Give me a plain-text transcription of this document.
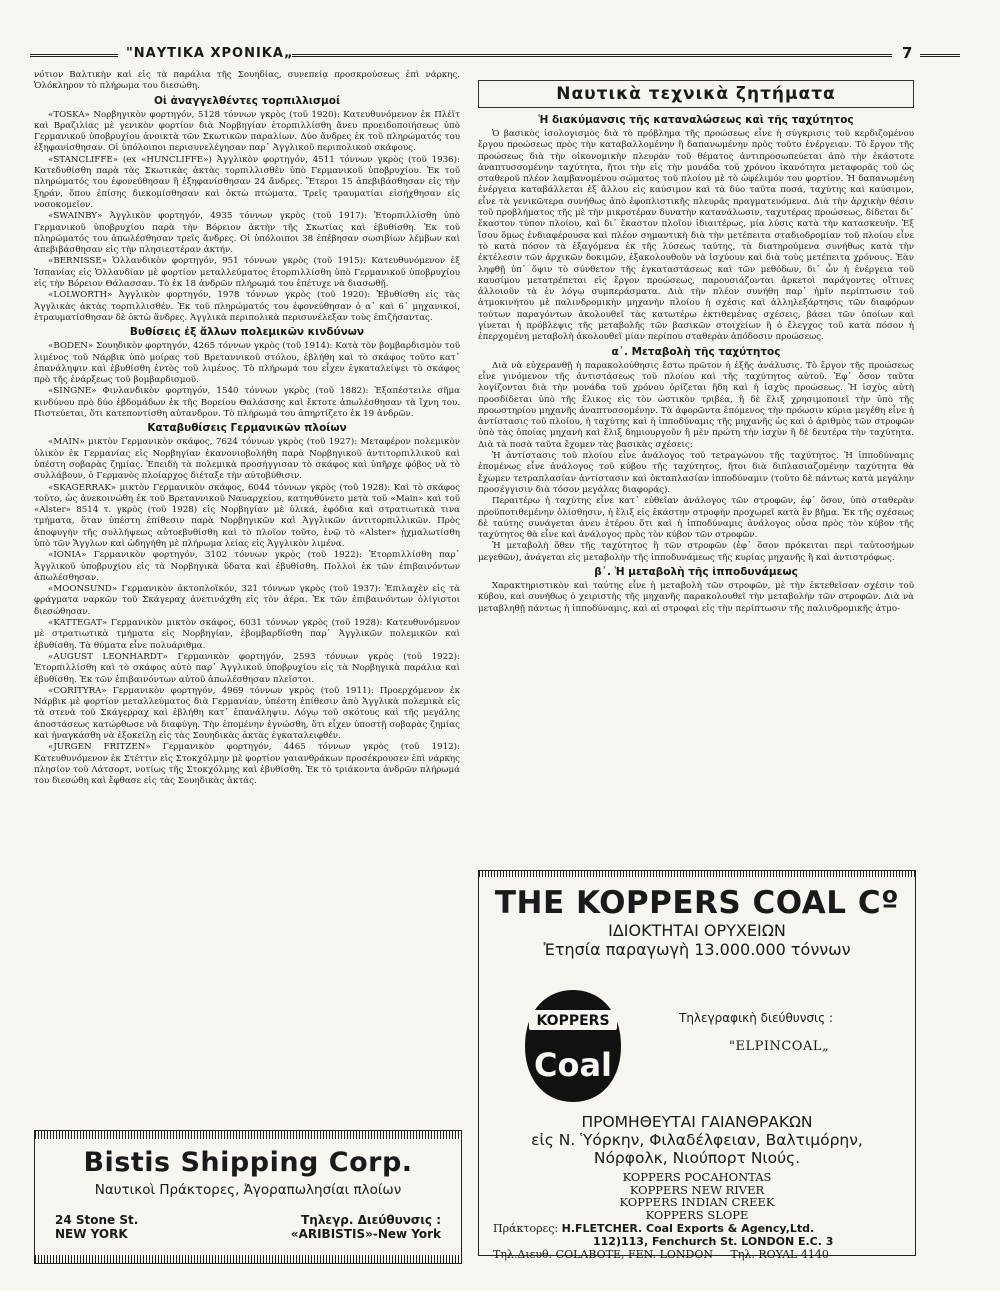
"ΝΑΥΤΙΚΑ ΧΡΟΝΙΚΑ„	7

νότιον Βαλτικὴν καὶ εἰς τὰ παράλια τῆς Σουηδίας, συνεπείᾳ προσκρούσεως ἐπὶ νάρκης. Ὁλόκληρον τὸ πλήρωμα του διεσώθη.

Οἱ ἀναγγελθέντες τορπιλλισμοί

«TOSKA» Νορβηγικὸν φορτηγόν, 5128 τόννων γκρὸς (τοῦ 1920): Κατευθυνόμενον ἐκ Πλέϊτ καὶ Βραζιλίας μὲ γενικὸν φορτίον διὰ Νορβηγίαν ἐτορπιλλίσθη ἄνευ προειδοποιήσεως ὑπὸ Γερμανικοῦ ὑποβρυχίου ἀνοικτὰ τῶν Σκωτικῶν παραλίων. Δύο ἄνδρες ἐκ τοῦ πληρώματός του ἐξηφανίσθησαν. Οἱ ὑπόλοιποι περισυνελέγησαν παρ᾽ Ἀγγλικοῦ περιπολικοῦ σκάφους.

«STANCLIFFE» (ex «HUNCLIFFE») Ἀγγλικὸν φορτηγόν, 4511 τόννων γκρὸς (τοῦ 1936): Κατεδυθίσθη παρὰ τὰς Σκωτικὰς ἀκτὰς τορπιλλισθὲν ὑπὸ Γερμανικοῦ ὑποβρυχίου. Ἐκ τοῦ πληρώματός του ἐφονεύθησαν ἢ ἐξηφανίσθησαν 24 ἄνδρες. Ἕτεροι 15 ἀπεβιβάσθησαν εἰς τὴν ξηράν, ὅπου ἐπίσης διεκομίσθησαν καὶ ὀκτὼ πτώματα. Τρεῖς τραυματίαι εἰσήχθησαν εἰς νοσοκομεῖον.

«SWAINBY» Ἀγγλικὸν φορτηγόν, 4935 τόννων γκρὸς (τοῦ 1917): Ἐτορπιλλίσθη ὑπὸ Γερμανικοῦ ὑποβρυχίου παρὰ τὴν Βόρειον ἀκτὴν τῆς Σκωτίας καὶ ἐβυθίσθη. Ἐκ τοῦ πληρώματός του ἀπωλέσθησαν τρεῖς ἄνδρες. Οἱ ὑπόλοιποι 38 ἐπέβησαν σωσιβίων λέμβων καὶ ἀπεβιβάσθησαν εἰς τὴν πλησιεστέραν ἀκτήν.

«BERNISSE» Ὁλλανδικὸν φορτηγόν, 951 τόννων γκρὸς (τοῦ 1915): Κατευθυνόμενον ἐξ Ἱσπανίας εἰς Ὁλλανδίαν μὲ φορτίον μεταλλεύματος ἐτορπιλλίσθη ὑπὸ Γερμανικοῦ ὑποβρυχίου εἰς τὴν Βόρειον Θάλασσαν. Τὸ ἐκ 18 ἀνδρῶν πλήρωμά του ἐπέτυχε νὰ διασωθῇ.

«LOLWORTH» Ἀγγλικὸν φορτηγόν, 1978 τόννων γκρὸς (τοῦ 1920): Ἐβυθίσθη εἰς τὰς Ἀγγλικὰς ἀκτὰς τορπιλλισθέν. Ἐκ τοῦ πληρώματός του ἐφονεύθησαν ὁ α᾽ καὶ 6᾽ μηχανικοί, ἐτραυματίσθησαν δὲ ὀκτὼ ἄνδρες. Ἀγγλικὰ περιπολικὰ περισυνέλεξαν τοὺς ἐπιζήσαντας.

Βυθίσεις ἐξ ἄλλων πολεμικῶν κινδύνων

«BODEN» Σουηδικὸν φορτηγόν, 4265 τόννων γκρὸς (τοῦ 1914): Κατὰ τὸν βομβαρδισμὸν τοῦ λιμένος τοῦ Νάρβικ ὑπὸ μοίρας τοῦ Βρεταννικοῦ στόλου, ἐβλήθη καὶ τὸ σκάφος τοῦτο κατ᾽ ἐπανάληψιν καὶ ἐβυθίσθη ἐντὸς τοῦ λιμένος. Τὸ πλήρωμά του εἶχεν ἐγκαταλείψει τὸ σκάφος πρὸ τῆς ἐνάρξεως τοῦ βομβαρδισμοῦ.

«SINGNE» Φινλανδικὸν φορτηγόν, 1540 τόννων γκρὸς (τοῦ 1882): Ἐξαπέστειλε σῆμα κινδύνου πρὸ δύο ἑβδομάδων ἐκ τῆς Βορείου Θαλάσσης καὶ ἔκτοτε ἀπωλέσθησαν τὰ ἴχνη του. Πιστεύεται, ὅτι κατεποντίσθη αὐτανδρον. Τὸ πλήρωμά του ἀπηρτίζετο ἐκ 19 ἀνδρῶν.

Καταβυθίσεις Γερμανικῶν πλοίων

«MAIN» μικτὸν Γερμανικὸν σκάφος, 7624 τόννων γκρὸς (τοῦ 1927): Μεταφέρον πολεμικὸν ὑλικὸν ἐκ Γερμανίας εἰς Νορβηγίαν ἐκανονιοβολήθη παρὰ Νορβηγικοῦ ἀντιτορπιλλικοῦ καὶ ὑπέστη σοβαρὰς ζημίας. Ἐπειδὴ τὰ πολεμικὰ προσήγγισαν τὸ σκάφος καὶ ὑπῆρχε φόβος νὰ τὸ συλλάβουν, ὁ Γερμανὸς πλοίαρχος διέταξε τὴν αὐτοβύθισιν.

«SKAGERRAK» μικτὸν Γερμανικὸν σκάφος, 6044 τόννων γκρὸς (τοῦ 1928): Καὶ τὸ σκάφος τοῦτο, ὡς ἀνεκοινώθη ἐκ τοῦ Βρεταννικοῦ Ναυαρχείου, κατηυθύνετο μετὰ τοῦ «Main» καὶ τοῦ «Alster» 8514 τ. γκρὸς (τοῦ 1928) εἰς Νορβηγίαν μὲ ὑλικά, ἐφόδια καὶ στρατιωτικὰ τινα τμήματα, ὅταν ὑπέστη ἐπίθεσιν παρὰ Νορβηγικῶν καὶ Ἀγγλικῶν ἀντιτορπιλλικῶν. Πρὸς ἀποφυγὴν τῆς συλλήψεως αὐτοεβυθίσθη καὶ τὸ πλοῖον τοῦτο, ἐνῷ τὸ «Alster» ᾐχμαλωτίσθη ὑπὸ τῶν Ἄγγλων καὶ ὡδηγήθη μὲ πλήρωμα λείας εἰς Ἀγγλικὸν λιμένα.

«IONIA» Γερμανικὸν φορτηγόν, 3102 τόννων γκρὸς (τοῦ 1922): Ἐτορπιλλίσθη παρ᾽ Ἀγγλικοῦ ὑποβρυχίου εἰς τὰ Νορβηγικὰ ὕδατα καὶ ἐβυθίσθη. Πολλοὶ ἐκ τῶν ἐπιβαινόντων ἀπωλέσθησαν.

«MOONSUND» Γερμανικὸν ἀκτοπλοϊκόν, 321 τόννων γκρὸς (τοῦ 1937): Ἐπιλαχὲν εἰς τὰ φράγματα ναρκῶν τοῦ Σκάγεραχ ἀνετινάχθη εἰς τὸν ἀέρα. Ἐκ τῶν ἐπιβαινόντων ὀλίγιστοι διεσώθησαν.

«KATTEGAT» Γερμανικὸν μικτὸν σκάφος, 6031 τόννων γκρὸς (τοῦ 1928): Κατευθυνόμενον μὲ στρατιωτικὰ τμήματα εἰς Νορβηγίαν, ἐβομβαρδίσθη παρ᾽ Ἀγγλικῶν πολεμικῶν καὶ ἐβυθίσθη. Τὰ θύματα εἶνε πολυάριθμα.

«AUGUST LEONHARDT» Γερμανικὸν φορτηγόν, 2593 τόννων γκρὸς (τοῦ 1922): Ἐτορπιλλίσθη καὶ τὸ σκάφος αὐτὸ παρ᾽ Ἀγγλικοῦ ὑποβρυχίου εἰς τὰ Νορβηγικὰ παράλια καὶ ἐβυθίσθη. Ἐκ τῶν ἐπιβαινόντων αὐτοῦ ἀπωλέσθησαν πλεῖστοι.

«CORITYRA» Γερμανικὸν φορτηγόν, 4969 τόννων γκρὸς (τοῦ 1911): Προερχόμενον ἐκ Νάρβικ μὲ φορτίον μεταλλεύματος διὰ Γερμανίαν, ὑπέστη ἐπίθεσιν ἀπὸ Ἀγγλικὰ πολεμικὰ εἰς τὰ στενὰ τοῦ Σκάγερραχ καὶ ἐβλήθη κατ᾽ ἐπανάληψιν. Λόγῳ τοῦ σκότους καὶ τῆς μεγάλης ἀποστάσεως κατώρθωσε νὰ διαφύγη. Τὴν ἑπομένην ἐγνώσθη, ὅτι εἶχεν ὑποστῇ σοβαρὰς ζημίας καὶ ἠναγκάσθη νὰ ἐξοκείλῃ εἰς τὰς Σουηδικὰς ἀκτὰς ἐγκαταλειφθέν.

«JURGEN FRITZEN» Γερμανικὸν φορτηγόν, 4465 τόννων γκρὸς (τοῦ 1912): Κατευθυνόμενον ἐκ Στέττιν εἰς Στοκχόλμην μὲ φορτίον γαιανθράκων προσέκρουσεν ἐπὶ νάρκης πλησίον τοῦ Λάτσορτ, νοτίως τῆς Στοκχόλμης καὶ ἐβυθίσθη. Ἐκ τὸ τριάκοντα ἀνδρῶν πλήρωμά του διεσώθη καὶ ἔφθασε εἰς τὰς Σουηδικὰς ἀκτάς.

Ναυτικὰ τεχνικὰ ζητήματα
Ἡ διακύμανσις τῆς καταναλώσεως καὶ τῆς ταχύτητος

Ὁ βασικὸς ἰσολογισμὸς διὰ τὸ πρόβλημα τῆς προώσεως εἶνε ἡ σύγκρισις τοῦ κερδιζομένου ἔργου προώσεως πρὸς τὴν καταβαλλομένην ἢ δαπανωμένην πρὸς τοῦτο ἐνέργειαν. Τὸ ἔργον τῆς προώσεως διὰ τὴν οἰκονομικὴν πλευρὰν τοῦ θέματος ἀντιπροσωπεύεται ἀπὸ τὴν ἑκάστοτε ἀναπτυσσομένην ταχύτητα, ἤτοι τὴν εἰς τὴν μονάδα τοῦ χρόνου ἱκανότητα μεταφορᾶς τοῦ ὡς σταθεροῦ πλέον λαμβανομένου σώματος τοῦ πλοίου μὲ τὸ ὠφέλιμόν του φορτίον. Ἡ δαπανωμένη ἐνέργεια καταβάλλεται ἐξ ἄλλου εἰς καύσιμον καὶ τὰ δύο ταῦτα ποσά, ταχύτης καὶ καύσιμον, εἶνε τὰ γενικῶτερα συνήθως ἀπὸ ἐφοπλιστικῆς πλευρᾶς πραγματευόμενα. Διὰ τὴν ἀρχικὴν θέσιν τοῦ προβλήματος τῆς μὲ τὴν μικροτέραν δυνατὴν κατανάλωσιν, ταχυτέρας προώσεως, δίδεται δι᾽ ἕκαστον τύπον πλοίου, καὶ δι᾽ ἕκαστον πλοῖον ἰδιαιτέρως, μία λύσις κατὰ τὴν κατασκευήν. Ἐξ ἴσου ὅμως ἐνδιαφέρουσα καὶ πλέον σημαντικὴ διὰ τὴν μετέπειτα σταδιοδρομίαν τοῦ πλοίου εἶνε τὸ κατὰ πόσον τὰ ἐξαγόμενα ἐκ τῆς λύσεως ταύτης, τὰ διατηρούμενα συνήθως κατὰ τὴν ἐκτέλεσιν τῶν ἀρχικῶν δοκιμῶν, ἐξακολουθοῦν νὰ ἰσχύουν καὶ διὰ τοὺς μετέπειτα χρόνους. Ἐὰν ληφθῇ ὑπ᾽ ὄψιν τὸ σύνθετον τῆς ἐγκαταστάσεως καὶ τῶν μεθόδων, δι᾽ ὧν ἡ ἐνέργεια τοῦ καυσίμου μετατρέπεται εἰς ἔργον προώσεως, παρουσιάζονται ἀρκετοὶ παράγοντες οἵτινες ἀλλοιοῦν τὰ ἐν λόγῳ συμπεράσματα. Διὰ τὴν πλέον συνήθη παρ᾽ ἡμῖν περίπτωσιν τοῦ ἀτμοκινήτου μὲ παλινδρομικὴν μηχανὴν πλοίου ἡ σχέσις καὶ ἀλληλεξάρτησις τῶν διαφόρων τούτων παραγόντων ἀκολουθεῖ τὰς κατωτέρω ἐκτιθεμένας σχέσεις, βάσει τῶν ὁποίων καὶ γίνεται ἡ πρόβλεψις τῆς μεταβολῆς τῶν βασικῶν στοιχείων ἢ ὁ ἔλεγχος τοῦ κατὰ πόσον ἡ ἐπερχομένη μεταβολὴ ἀκολουθεῖ μίαν περίπου σταθερὰν ἀπόδοσιν προώσεως.

α᾽. Μεταβολὴ τῆς ταχύτητος

Διὰ νὰ εὐχερανθῇ ἡ παρακολούθησις ἔστω πρῶτον ἡ ἑξῆς ἀνάλυσις. Τὸ ἔργον τῆς προώσεως εἶνε γινόμενον τῆς ἀντιστάσεως τοῦ πλοίου καὶ τῆς ταχύτητος αὐτοῦ. Ἐφ᾽ ὅσον ταῦτα λογίζονται διὰ τὴν μονάδα τοῦ χρόνου ὁρίζεται ἤδη καὶ ἡ ἰσχὺς προώσεως. Ἡ ἰσχὺς αὐτὴ προσδίδεται ὑπὸ τῆς ἕλικος εἰς τὸν ὠστικὸν τριβέα, ἢ δὲ ἕλιξ χρησιμοποιεῖ τὴν ὑπὸ τῆς προωστηρίου μηχανῆς ἀναπτυσσομένην. Τὰ ἀφορῶντα ἑπόμενος τὴν πρόωσιν κύρια μεγέθη εἶνε ἡ ἀντίστασις τοῦ πλοίου, ἡ ταχύτης καὶ ἡ ἱπποδύναμις τῆς μηχανῆς ὡς καὶ ὁ ἀριθμὸς τῶν στροφῶν ὑπὸ τὰς ὁποίας μηχανὴ καὶ ἕλιξ δημιουργοῦν ἢ μὲν πρώτη τὴν ἰσχὺν ἢ δὲ δευτέρα τὴν ταχύτητα. Διὰ τὰ ποσὰ ταῦτα ἔχομεν τὰς βασικὰς σχέσεις:

Ἡ ἀντίστασις τοῦ πλοίου εἶνε ἀνάλογος τοῦ τετραγώνου τῆς ταχύτητος. Ἡ ἱπποδύναμις ἑπομένως εἶνε ἀνάλογος τοῦ κύβου τῆς ταχύτητος, ἤτοι διὰ διπλασιαζομένην ταχύτητα θὰ ἔχωμεν τετραπλασίαν ἀντίστασιν καὶ ὀκταπλασίαν ἱπποδύναμιν (τοῦτο δὲ πάντως κατὰ μεγάλην προσέγγισιν διὰ τόσον μεγάλας διαφοράς).

Περαιτέρω ἡ ταχύτης εἶνε κατ᾽ εὐθεῖαν ἀνάλογος τῶν στροφῶν, ἐφ᾽ ὅσον, ὑπὸ σταθερὰν προϋποτιθεμένην ὀλίσθησιν, ἡ ἕλιξ εἰς ἑκάστην στροφὴν προχωρεῖ κατὰ ἓν βῆμα. Ἐκ τῆς σχέσεως δὲ ταύτης συνάγεται ἀνευ ἑτέρου ὅτι καὶ ἡ ἱπποδύναμις ἀνάλογος οὖσα πρὸς τὸν κύβον τῆς ταχύτητος θὰ εἶνε καὶ ἀνάλογος πρὸς τὸν κύβον τῶν στροφῶν.

Ἡ μεταβολὴ ὅθεν τῆς ταχύτητος ἢ τῶν στροφῶν (ἐφ᾽ ὅσον πρόκειται περὶ ταὐτοσήμων μεγεθῶν), ἀνάγεται εἰς μεταβολὴν τῆς ἱπποδυνάμεως τῆς κυρίας μηχανῆς ἢ καὶ ἀντιστρόφως.

β᾽. Ἡ μεταβολὴ τῆς ἱπποδυνάμεως

Χαρακτηριστικὸν καὶ ταύτης εἶνε ἡ μεταβολὴ τῶν στροφῶν, μὲ τὴν ἐκτεθεῖσαν σχέσιν τοῦ κύβου, καὶ συνήθως ὁ χειριστὴς τῆς μηχανῆς παρακολουθεῖ τὴν μεταβολὴν τῶν στροφῶν. Διὰ νὰ μεταβληθῇ πάντως ἡ ἱπποδύναμις, καὶ αἱ στροφαὶ εἰς τὴν περίπτωσιν τῆς παλινδρομικῆς ἀτμο-

Bistis Shipping Corp.
Ναυτικοὶ Πράκτορες, Ἀγοραπωλησίαι πλοίων
24 Stone St.
NEW YORK
Τηλεγρ. Διεύθυνσις :
«ARIBISTIS»-New York
THE KOPPERS COAL Cº
ΙΔΙΟΚΤΗΤΑΙ ΟΡΥΧΕΙΩΝ
Ἐτησία παραγωγὴ 13.000.000 τόννων
KOPPERS
Coal
Τηλεγραφικὴ διεύθυνσις :
"ELPINCOAL„
ΠΡΟΜΗΘΕΥΤΑΙ ΓΑΙΑΝΘΡΑΚΩΝ
εἰς Ν. Ὑόρκην, Φιλαδέλφειαν, Βαλτιμόρην,
Νόρφολκ, Νιούπορτ Νιούς.
KOPPERS POCAHONTAS
KOPPERS NEW RIVER
KOPPERS INDIAN CREEK
KOPPERS SLOPE
Πράκτορες: H.FLETCHER. Coal Exports & Agency,Ltd.
112)113, Fenchurch St. LONDON E.C. 3
Τηλ.Διευθ. COLABOTE, FEN. LONDON Τηλ. ROYAL 4140
